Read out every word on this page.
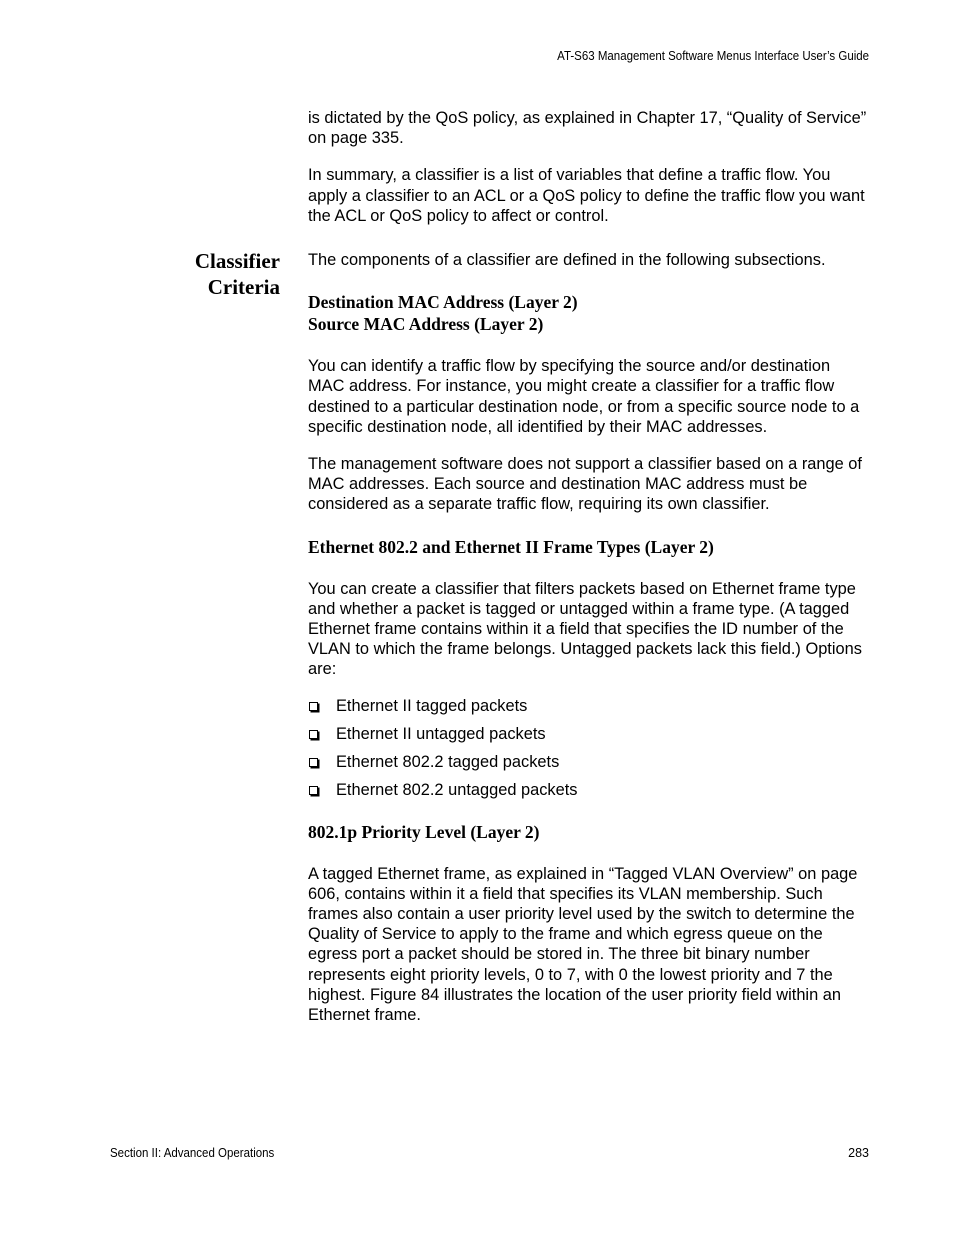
AT-S63 Management Software Menus Interface User’s Guide
Classifier
Criteria

is dictated by the QoS policy, as explained in Chapter 17, “Quality of Service” on page 335.

In summary, a classifier is a list of variables that define a traffic flow. You apply a classifier to an ACL or a QoS policy to define the traffic flow you want the ACL or QoS policy to affect or control.

The components of a classifier are defined in the following subsections.

Destination MAC Address (Layer 2)
Source MAC Address (Layer 2)

You can identify a traffic flow by specifying the source and/or destination MAC address. For instance, you might create a classifier for a traffic flow destined to a particular destination node, or from a specific source node to a specific destination node, all identified by their MAC addresses.

The management software does not support a classifier based on a range of MAC addresses. Each source and destination MAC address must be considered as a separate traffic flow, requiring its own classifier.

Ethernet 802.2 and Ethernet II Frame Types (Layer 2)

You can create a classifier that filters packets based on Ethernet frame type and whether a packet is tagged or untagged within a frame type. (A tagged Ethernet frame contains within it a field that specifies the ID number of the VLAN to which the frame belongs. Untagged packets lack this field.) Options are:

Ethernet II tagged packets
Ethernet II untagged packets
Ethernet 802.2 tagged packets
Ethernet 802.2 untagged packets
802.1p Priority Level (Layer 2)

A tagged Ethernet frame, as explained in “Tagged VLAN Overview” on page 606, contains within it a field that specifies its VLAN membership. Such frames also contain a user priority level used by the switch to determine the Quality of Service to apply to the frame and which egress queue on the egress port a packet should be stored in. The three bit binary number represents eight priority levels, 0 to 7, with 0 the lowest priority and 7 the highest. Figure 84 illustrates the location of the user priority field within an Ethernet frame.

Section II: Advanced Operations	283
